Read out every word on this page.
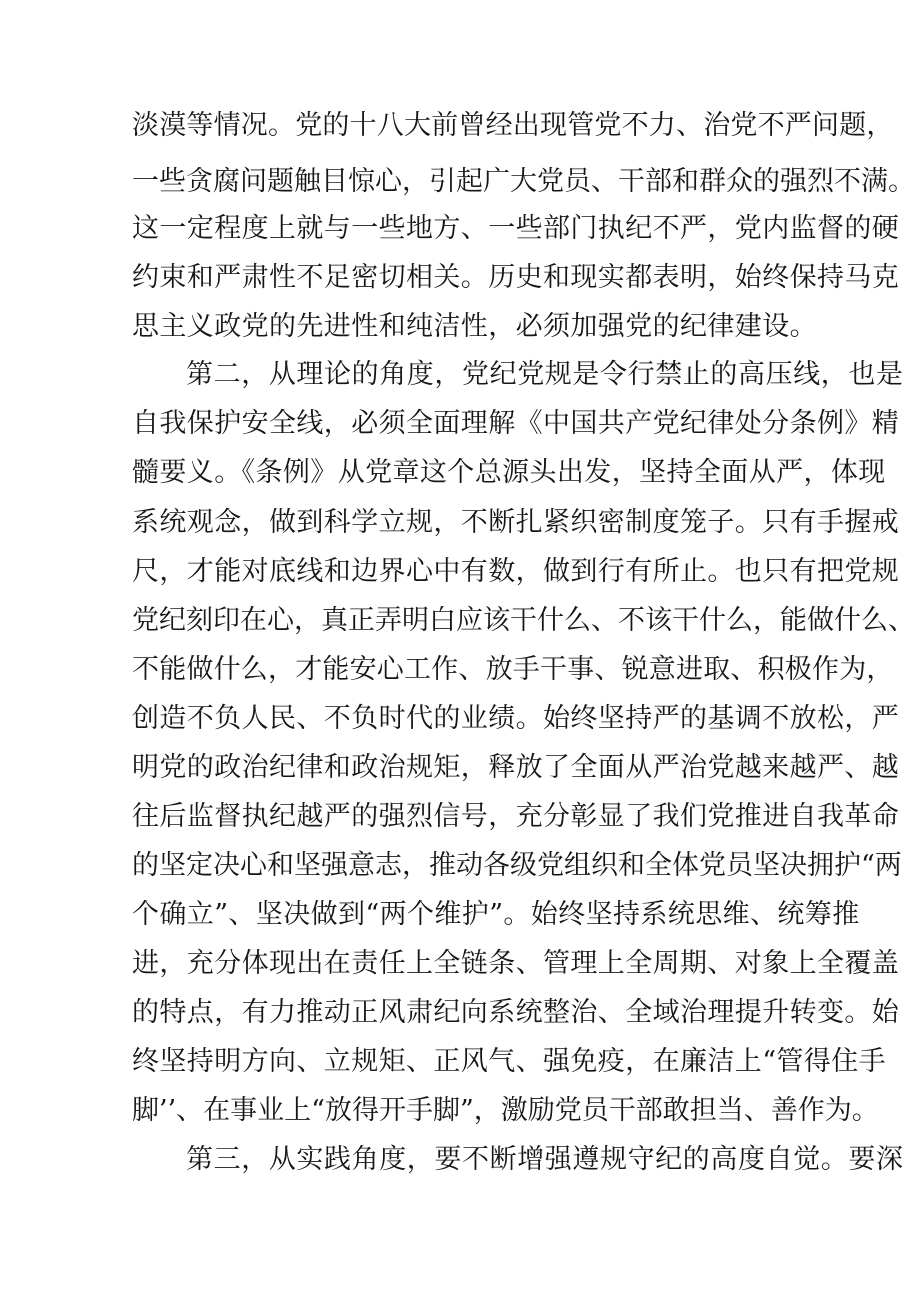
淡漠等情况。党的十八大前曾经出现管党不力、治党不严问题，
一些贪腐问题触目惊心，引起广大党员、干部和群众的强烈不满。
这一定程度上就与一些地方、一些部门执纪不严，党内监督的硬
约束和严肃性不足密切相关。历史和现实都表明，始终保持马克
思主义政党的先进性和纯洁性，必须加强党的纪律建设。
第二，从理论的角度，党纪党规是令行禁止的高压线，也是
自我保护安全线，必须全面理解《中国共产党纪律处分条例》精
髓要义。《条例》从党章这个总源头出发，坚持全面从严，体现
系统观念，做到科学立规，不断扎紧织密制度笼子。只有手握戒
尺，才能对底线和边界心中有数，做到行有所止。也只有把党规
党纪刻印在心，真正弄明白应该干什么、不该干什么，能做什么、
不能做什么，才能安心工作、放手干事、锐意进取、积极作为，
创造不负人民、不负时代的业绩。始终坚持严的基调不放松，严
明党的政治纪律和政治规矩，释放了全面从严治党越来越严、越
往后监督执纪越严的强烈信号，充分彰显了我们党推进自我革命
的坚定决心和坚强意志，推动各级党组织和全体党员坚决拥护“两
个确立”、坚决做到“两个维护”。始终坚持系统思维、统筹推
进，充分体现出在责任上全链条、管理上全周期、对象上全覆盖
的特点，有力推动正风肃纪向系统整治、全域治理提升转变。始
终坚持明方向、立规矩、正风气、强免疫，在廉洁上“管得住手
脚’’、在事业上“放得开手脚”，激励党员干部敢担当、善作为。
第三，从实践角度，要不断增强遵规守纪的高度自觉。要深
